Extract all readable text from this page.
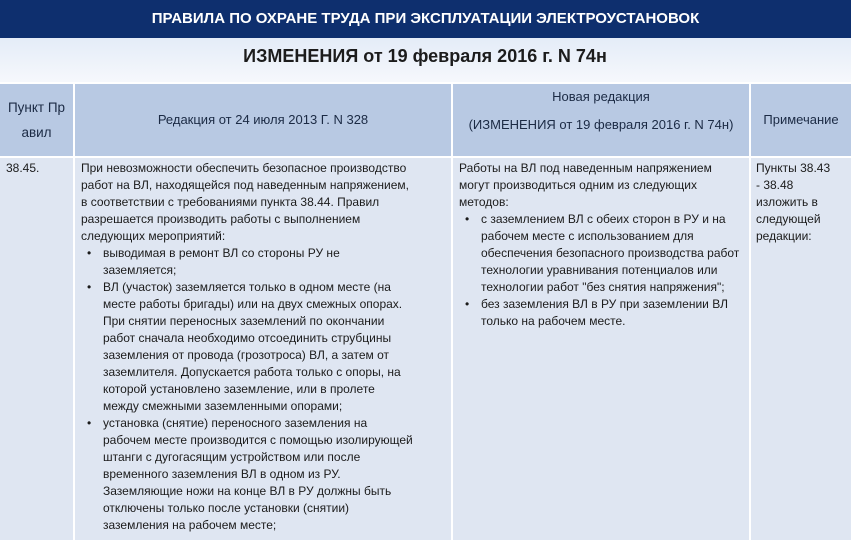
ПРАВИЛА ПО ОХРАНЕ ТРУДА ПРИ ЭКСПЛУАТАЦИИ ЭЛЕКТРОУСТАНОВОК
ИЗМЕНЕНИЯ от 19 февраля 2016 г. N 74н
Пункт Правил
Редакция от 24 июля 2013 Г. N 328
Новая редакция
(ИЗМЕНЕНИЯ от 19 февраля 2016 г. N 74н)	Примечание
38.45.	При невозможности обеспечить безопасное производство работ на ВЛ, находящейся под наведенным напряжением, в соответствии с требованиями пункта 38.44. Правил разрешается производить работы с выполнением следующих мероприятий:

• выводимая в ремонт ВЛ со стороны РУ не заземляется;
• ВЛ (участок) заземляется только в одном месте (на месте работы бригады) или на двух смежных опорах. При снятии переносных заземлений по окончании работ сначала необходимо отсоединить струбцины заземления от провода (грозотроса) ВЛ, а затем от заземлителя. Допускается работа только с опоры, на которой установлено заземление, или в пролете между смежными заземленными опорами;
• установка (снятие) переносного заземления на рабочем месте производится с помощью изолирующей штанги с дугогасящим устройством или после временного заземления ВЛ в одном из РУ. Заземляющие ножи на конце ВЛ в РУ должны быть отключены только после установки (снятии) заземления на рабочем месте;

Работы на ВЛ под наведенным напряжением могут производиться одним из следующих методов:

• с заземлением ВЛ с обеих сторон в РУ и на рабочем месте с использованием для обеспечения безопасного производства работ технологии уравнивания потенциалов или технологии работ "без снятия напряжения";
• без заземления ВЛ в РУ при заземлении ВЛ только на рабочем месте.
Пункты 38.43 - 38.48 изложить в следующей редакции:
